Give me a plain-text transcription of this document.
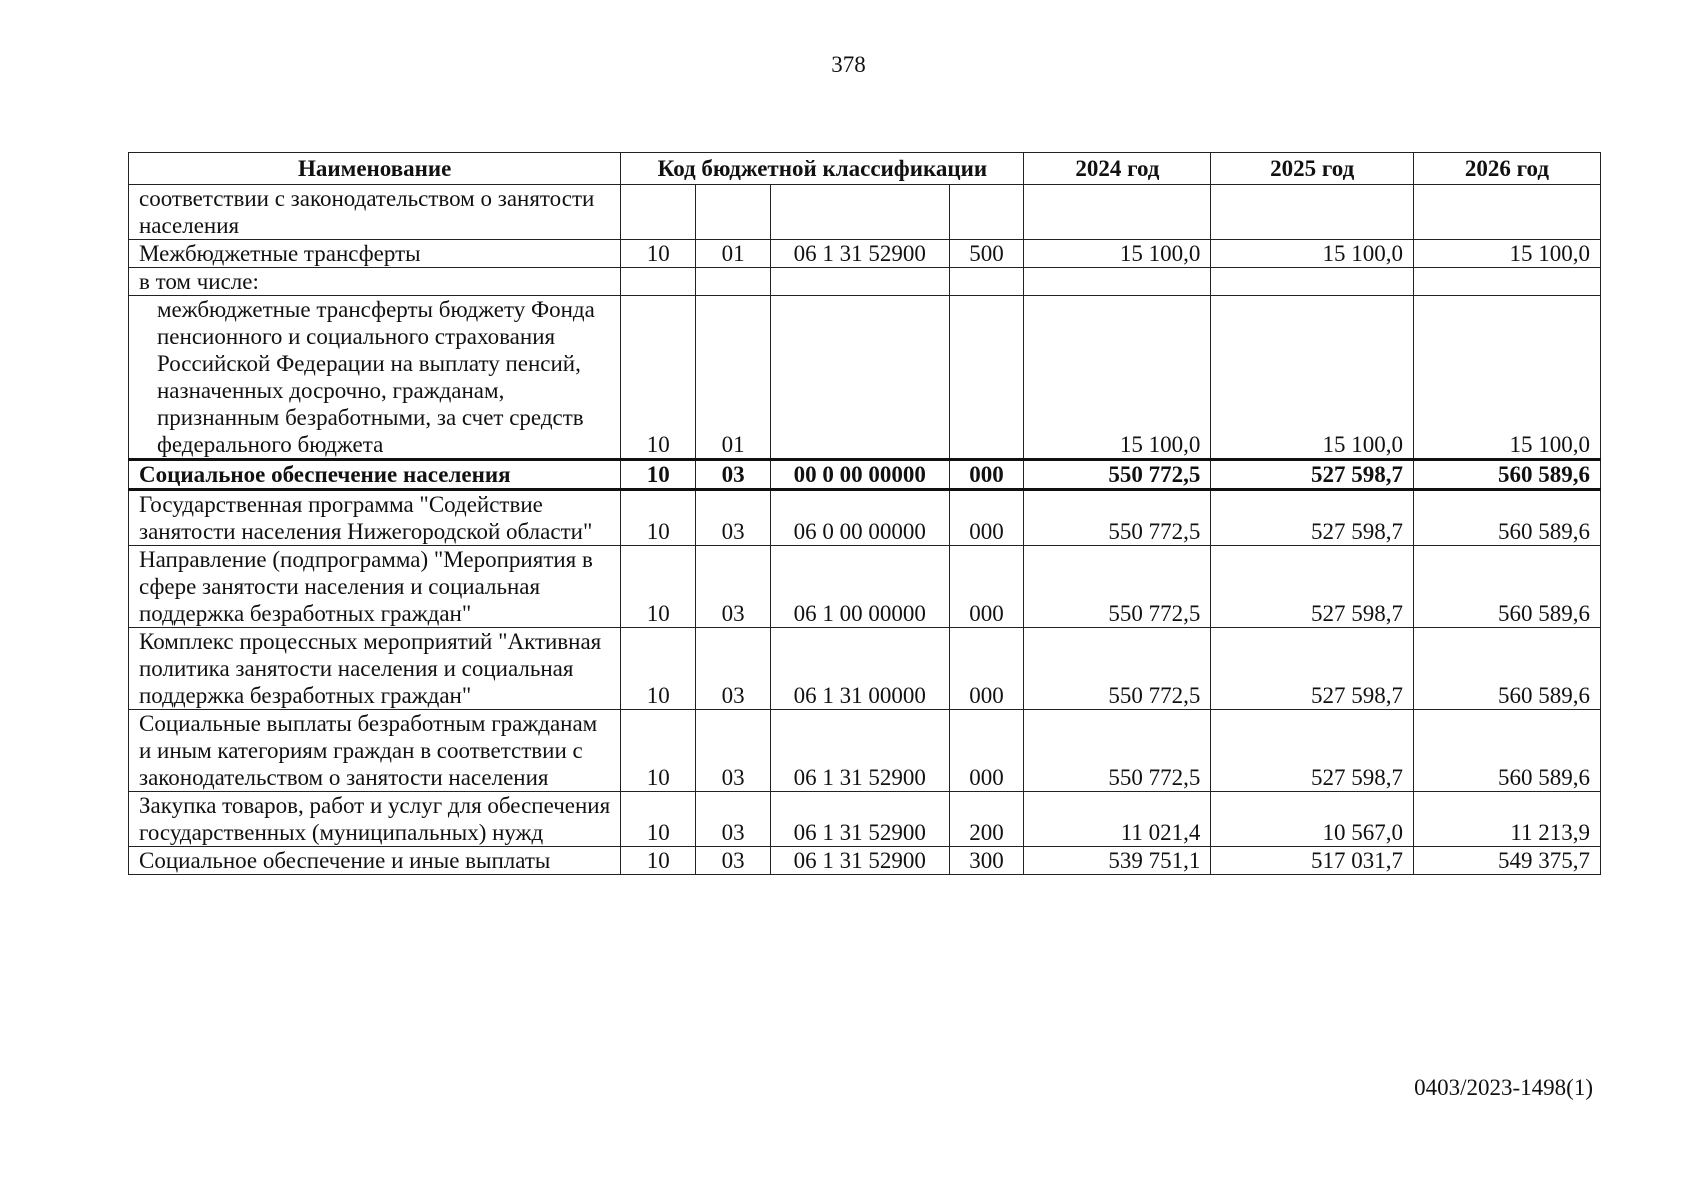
378
Наименование	Код бюджетной классификации				2024 год	2025 год	2026 год
соответствии с законодательством о занятости населения							
Межбюджетные трансферты	10	01	06 1 31 52900	500	15 100,0	15 100,0	15 100,0
в том числе:							
межбюджетные трансферты бюджету Фонда пенсионного и социального страхования Российской Федерации на выплату пенсий, назначенных досрочно, гражданам, признанным безработными, за счет средств федерального бюджета	10	01			15 100,0	15 100,0	15 100,0
Социальное обеспечение населения	10	03	00 0 00 00000	000	550 772,5	527 598,7	560 589,6
Государственная программа "Содействие занятости населения Нижегородской области"	10	03	06 0 00 00000	000	550 772,5	527 598,7	560 589,6
Направление (подпрограмма) "Мероприятия в сфере занятости населения и социальная поддержка безработных граждан"	10	03	06 1 00 00000	000	550 772,5	527 598,7	560 589,6
Комплекс процессных мероприятий "Активная политика занятости населения и социальная поддержка безработных граждан"	10	03	06 1 31 00000	000	550 772,5	527 598,7	560 589,6
Социальные выплаты безработным гражданам и иным категориям граждан в соответствии с законодательством о занятости населения	10	03	06 1 31 52900	000	550 772,5	527 598,7	560 589,6
Закупка товаров, работ и услуг для обеспечения государственных (муниципальных) нужд	10	03	06 1 31 52900	200	11 021,4	10 567,0	11 213,9
Социальное обеспечение и иные выплаты	10	03	06 1 31 52900	300	539 751,1	517 031,7	549 375,7
0403/2023-1498(1)
